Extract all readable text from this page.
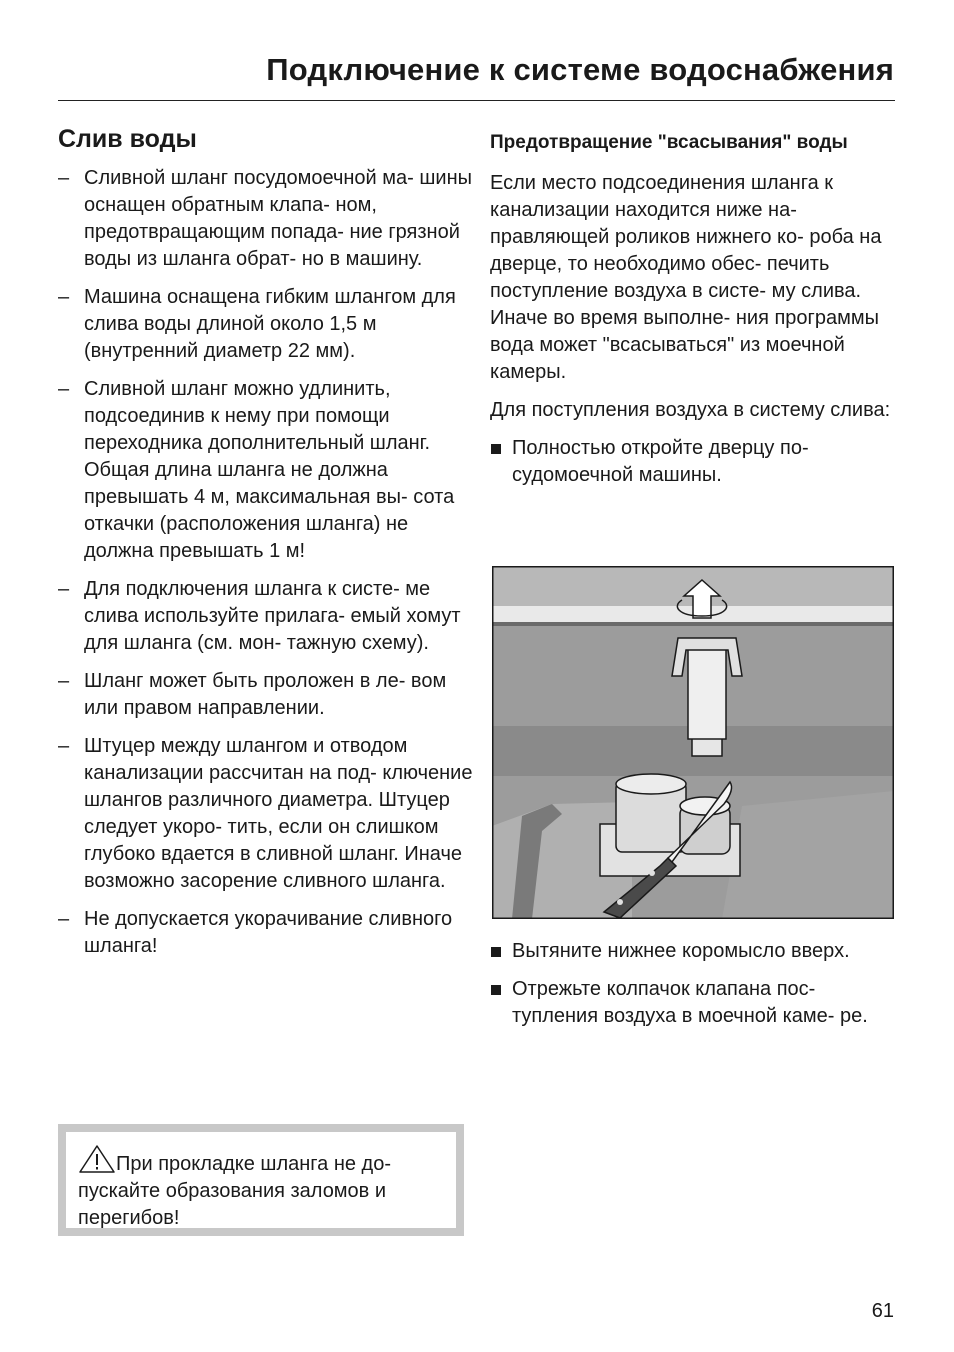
Подключение к системе водоснабжения
Слив воды
– Сливной шланг посудомоечной ма- шины оснащен обратным клапа- ном, предотвращающим попада- ние грязной воды из шланга обрат- но в машину.
– Машина оснащена гибким шлангом для слива воды длиной около 1,5 м (внутренний диаметр 22 мм).
– Сливной шланг можно удлинить, подсоединив к нему при помощи переходника дополнительный шланг.
Общая длина шланга не должна превышать 4 м, максимальная вы- сота откачки (расположения шланга) не должна превышать 1 м!
– Для подключения шланга к систе- ме слива используйте прилага- емый хомут для шланга (см. мон- тажную схему).
– Шланг может быть проложен в ле- вом или правом направлении.
– Штуцер между шлангом и отводом канализации рассчитан на под- ключение шлангов различного диаметра. Штуцер следует укоро- тить, если он слишком глубоко вдается в сливной шланг. Иначе возможно засорение сливного шланга.
– Не допускается укорачивание сливного шланга!
При прокладке шланга не до- пускайте образования заломов и перегибов!
Предотвращение "всасывания" воды

Если место подсоединения шланга к канализации находится ниже на- правляющей роликов нижнего ко- роба на дверце, то необходимо обес- печить поступление воздуха в систе- му слива. Иначе во время выполне- ния программы вода может "всасываться" из моечной камеры.

Для поступления воздуха в систему слива:

Полностью откройте дверцу по- судомоечной машины.
Вытяните нижнее коромысло вверх.
Отрежьте колпачок клапана пос- тупления воздуха в моечной каме- ре.
61
